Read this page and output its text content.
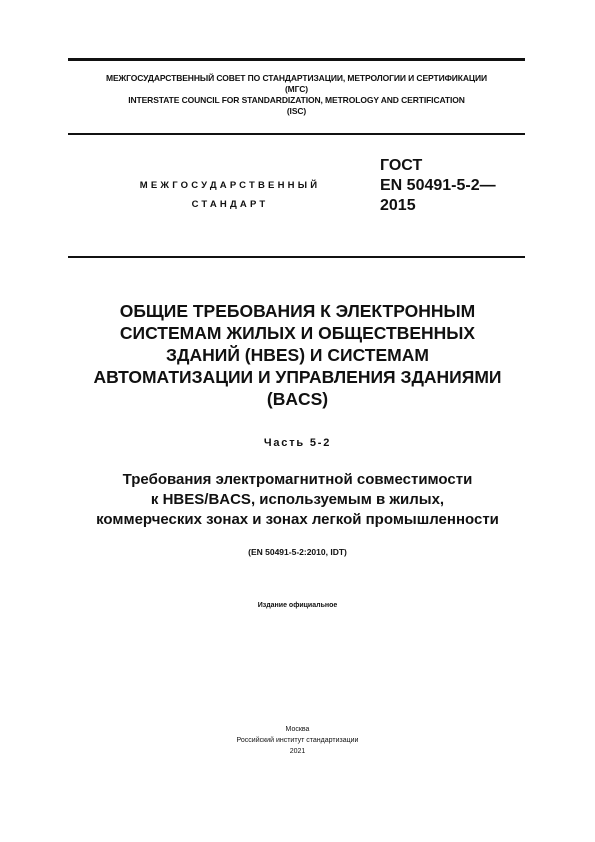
МЕЖГОСУДАРСТВЕННЫЙ СОВЕТ ПО СТАНДАРТИЗАЦИИ, МЕТРОЛОГИИ И СЕРТИФИКАЦИИ
(МГС)
INTERSTATE COUNCIL FOR STANDARDIZATION, METROLOGY AND CERTIFICATION
(ISC)
МЕЖГОСУДАРСТВЕННЫЙ
СТАНДАРТ
ГОСТ
EN 50491-5-2—
2015
ОБЩИЕ ТРЕБОВАНИЯ К ЭЛЕКТРОННЫМ
СИСТЕМАМ ЖИЛЫХ И ОБЩЕСТВЕННЫХ
ЗДАНИЙ (HBES) И СИСТЕМАМ
АВТОМАТИЗАЦИИ И УПРАВЛЕНИЯ ЗДАНИЯМИ
(BACS)
Часть 5-2
Требования электромагнитной совместимости
к HBES/BACS, используемым в жилых,
коммерческих зонах и зонах легкой промышленности
(EN 50491-5-2:2010, IDT)
Издание официальное
Москва
Российский институт стандартизации
2021
